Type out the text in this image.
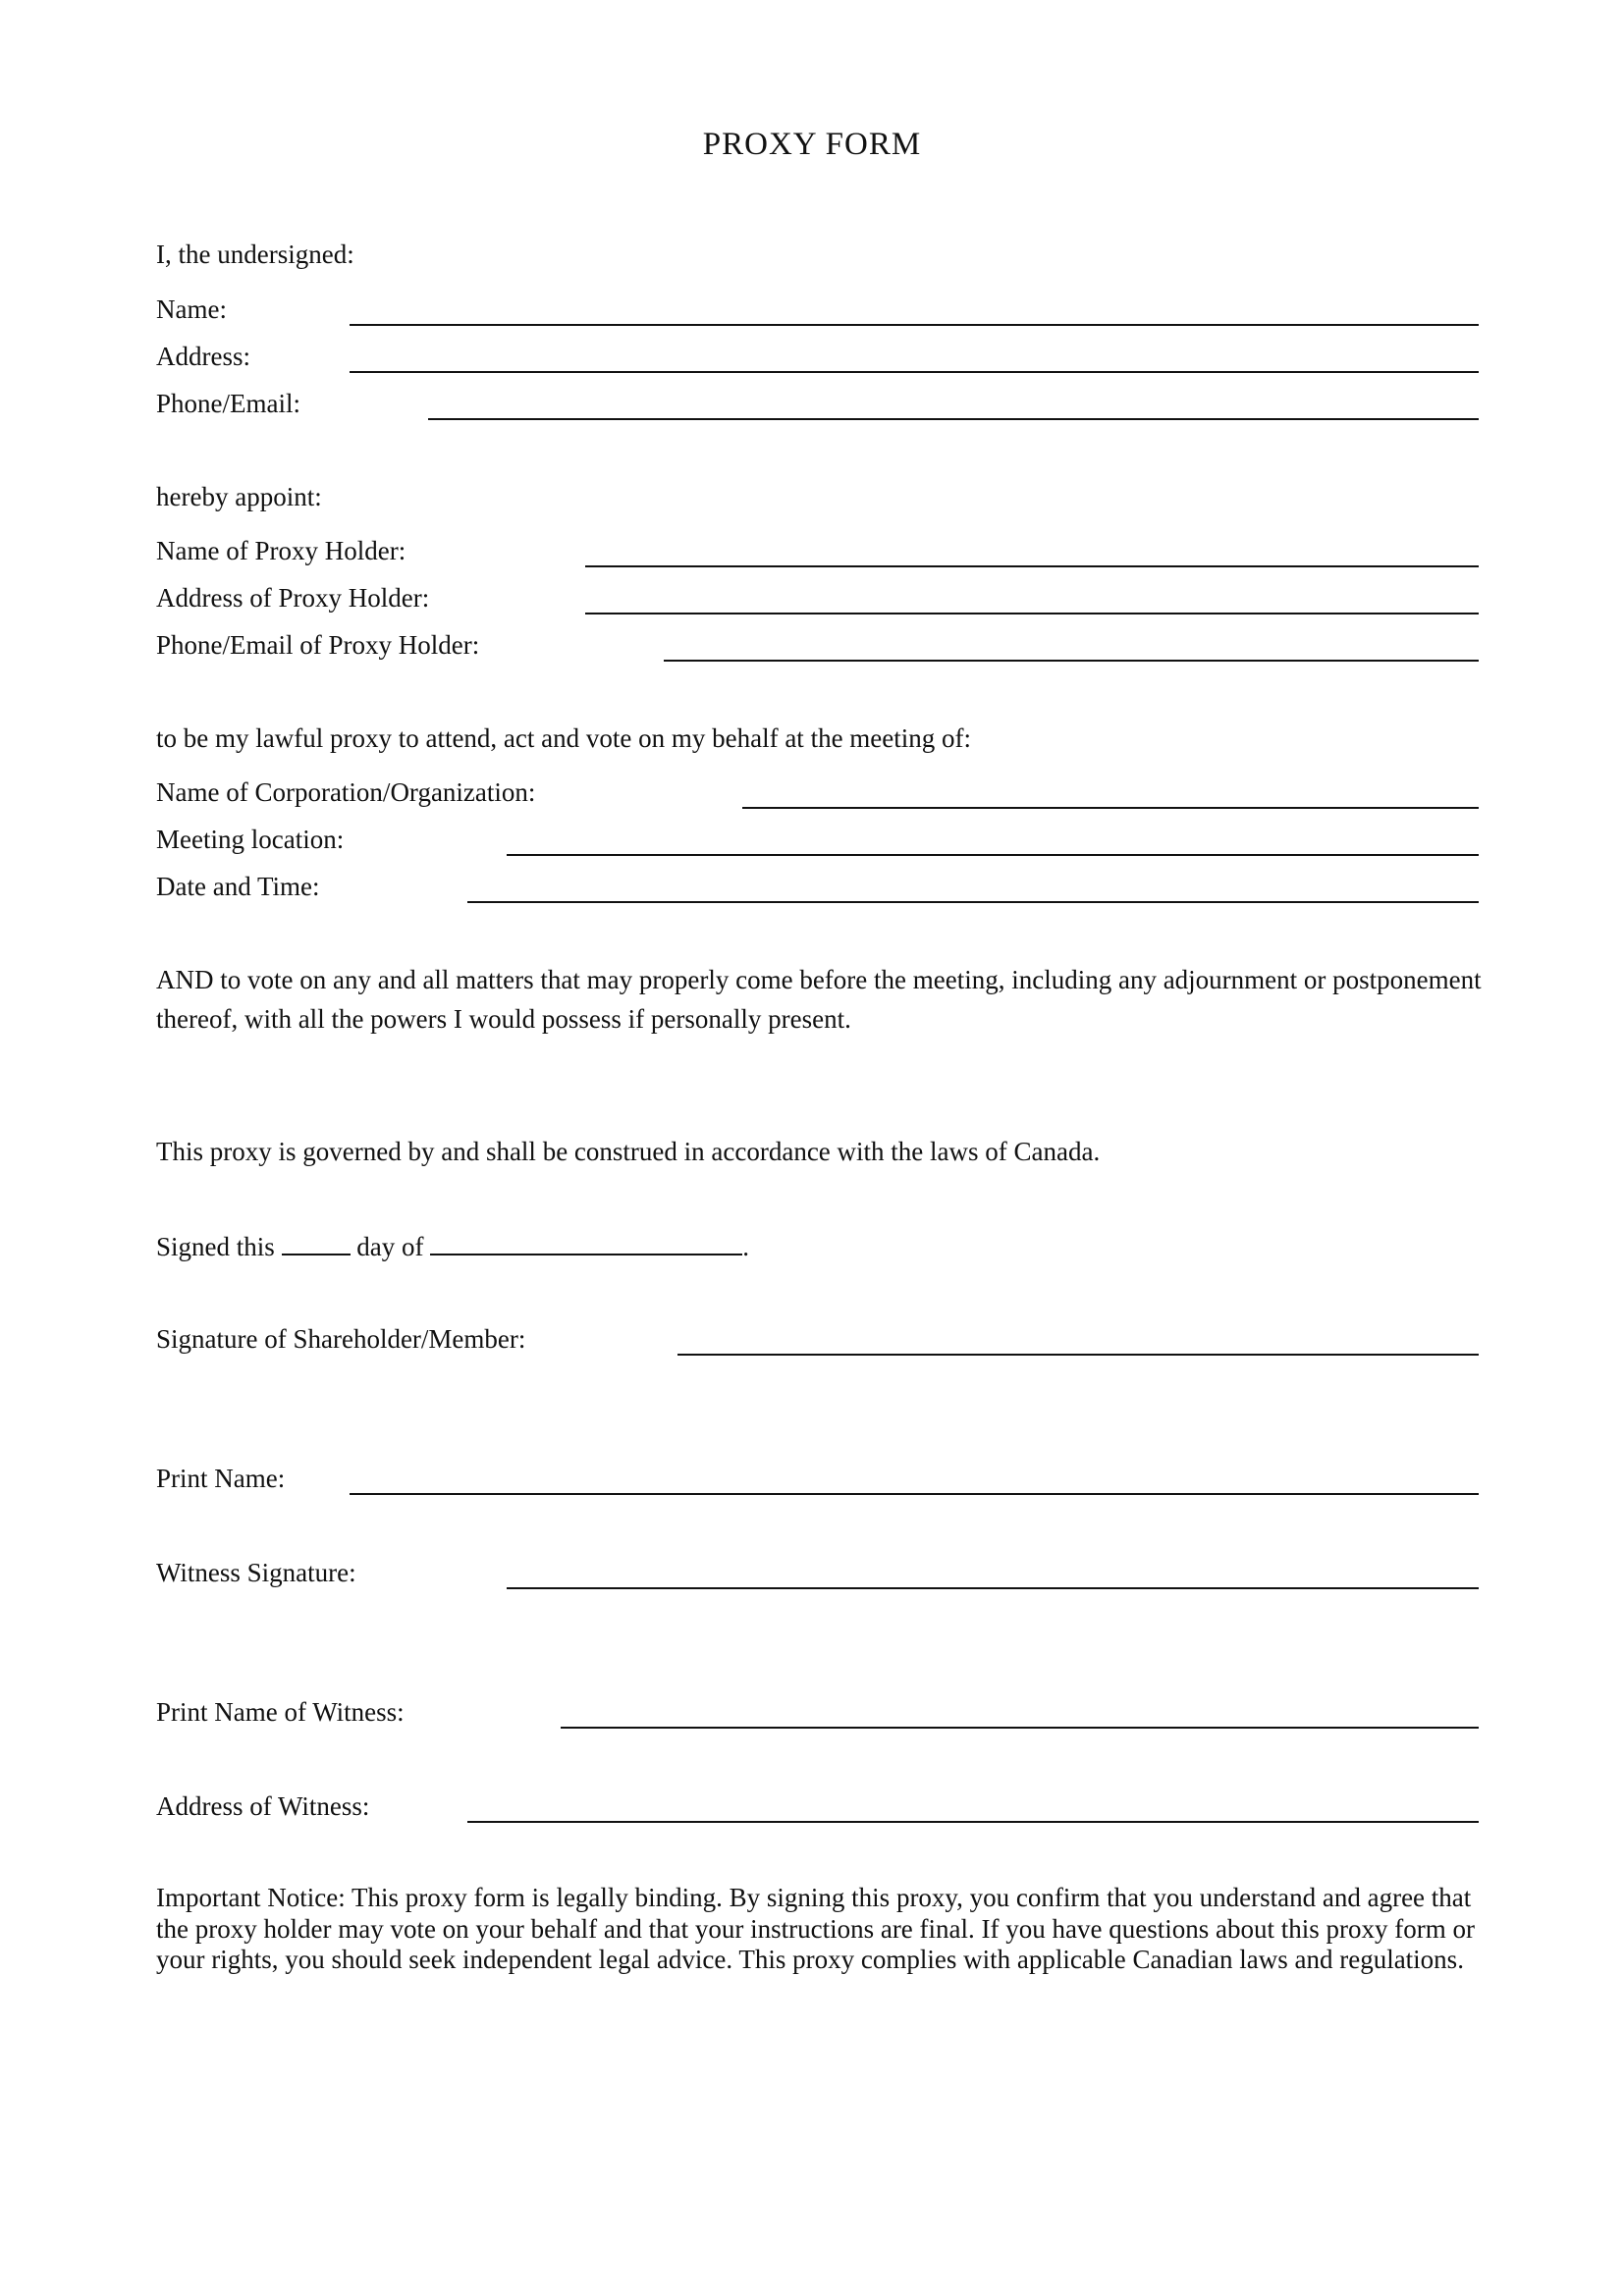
PROXY FORM
I, the undersigned:
Name:
Address:
Phone/Email:
hereby appoint:
Name of Proxy Holder:
Address of Proxy Holder:
Phone/Email of Proxy Holder:
to be my lawful proxy to attend, act and vote on my behalf at the meeting of:
Name of Corporation/Organization:
Meeting location:
Date and Time:
AND to vote on any and all matters that may properly come before the meeting, including any adjournment or postponement thereof, with all the powers I would possess if personally present.
This proxy is governed by and shall be construed in accordance with the laws of Canada.
Signed this	day of	.
Signature of Shareholder/Member:
Print Name:
Witness Signature:
Print Name of Witness:
Address of Witness:
Important Notice: This proxy form is legally binding. By signing this proxy, you confirm that you understand and agree that the proxy holder may vote on your behalf and that your instructions are final. If you have questions about this proxy form or your rights, you should seek independent legal advice. This proxy complies with applicable Canadian laws and regulations.
